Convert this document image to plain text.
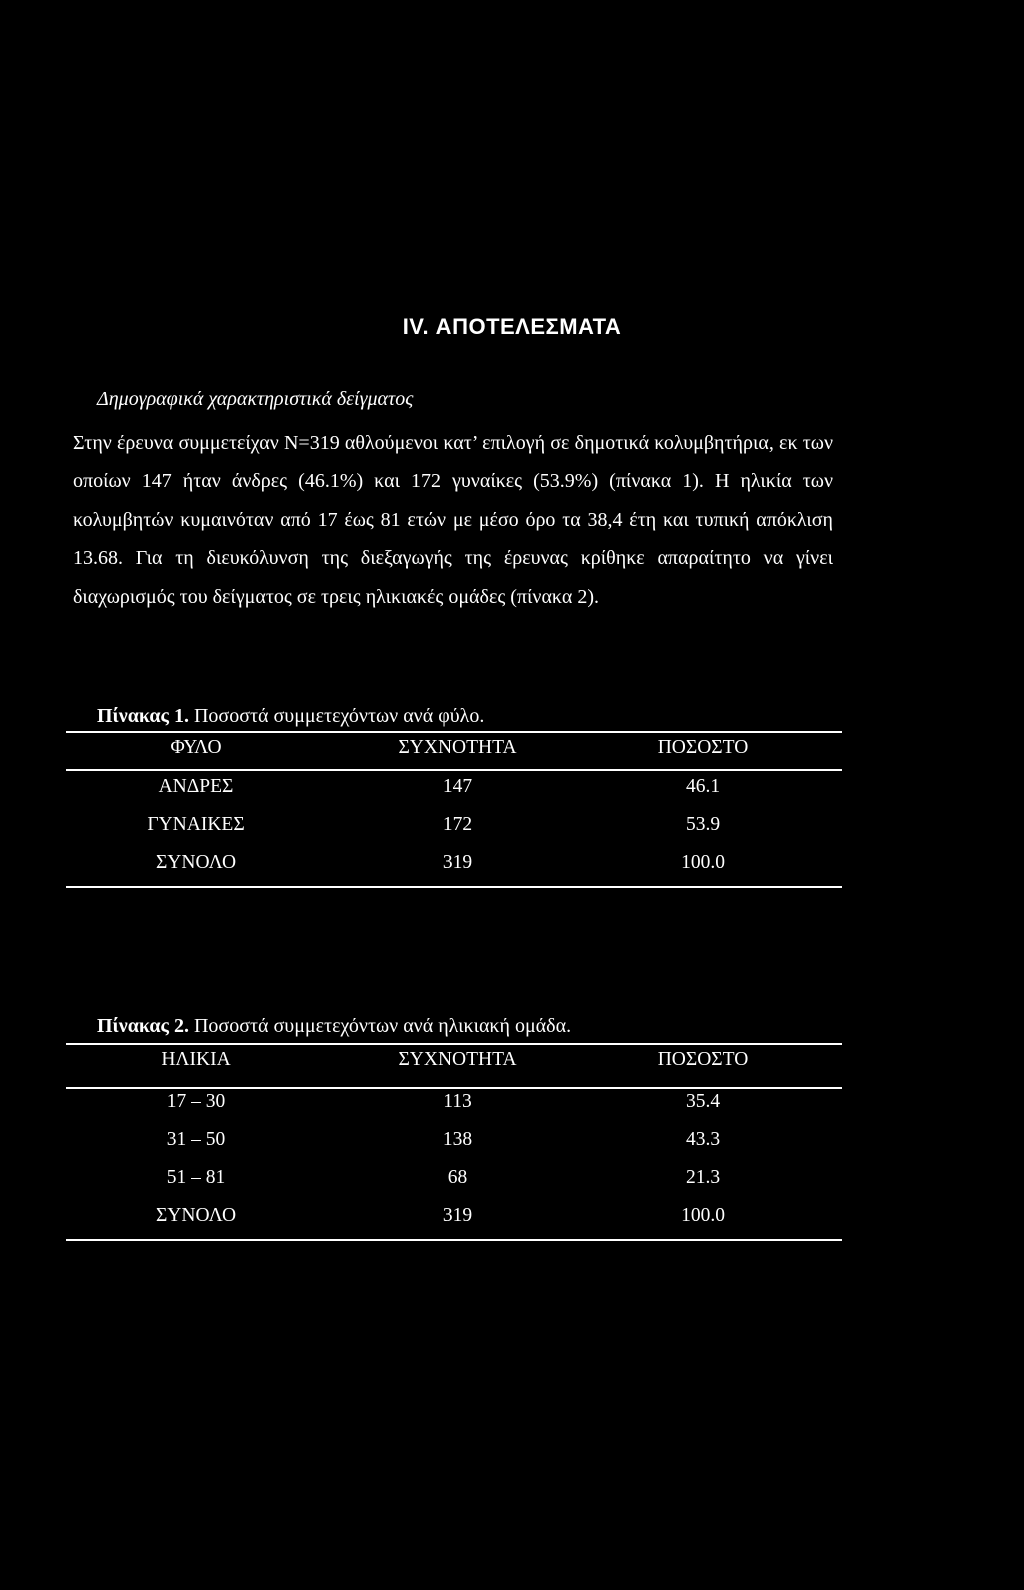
IV. ΑΠΟΤΕΛΕΣΜΑΤΑ
Δημογραφικά χαρακτηριστικά δείγματος
Στην έρευνα συμμετείχαν N=319 αθλούμενοι κατ’ επιλογή σε δημοτικά κολυμβητήρια, εκ των οποίων 147 ήταν άνδρες (46.1%) και 172 γυναίκες (53.9%) (πίνακα 1). Η ηλικία των κολυμβητών κυμαινόταν από 17 έως 81 ετών με μέσο όρο τα 38,4 έτη και τυπική απόκλιση 13.68. Για τη διευκόλυνση της διεξαγωγής της έρευνας κρίθηκε απαραίτητο να γίνει διαχωρισμός του δείγματος σε τρεις ηλικιακές ομάδες (πίνακα 2).
Πίνακας 1. Ποσοστά συμμετεχόντων ανά φύλο.
ΦΥΛΟ	ΣΥΧΝΟΤΗΤΑ	ΠΟΣΟΣΤΟ
ΑΝΔΡΕΣ	147	46.1
ΓΥΝΑΙΚΕΣ	172	53.9
ΣΥΝΟΛΟ	319	100.0
Πίνακας 2. Ποσοστά συμμετεχόντων ανά ηλικιακή ομάδα.
ΗΛΙΚΙΑ	ΣΥΧΝΟΤΗΤΑ	ΠΟΣΟΣΤΟ
17 – 30	113	35.4
31 – 50	138	43.3
51 – 81	68	21.3
ΣΥΝΟΛΟ	319	100.0
